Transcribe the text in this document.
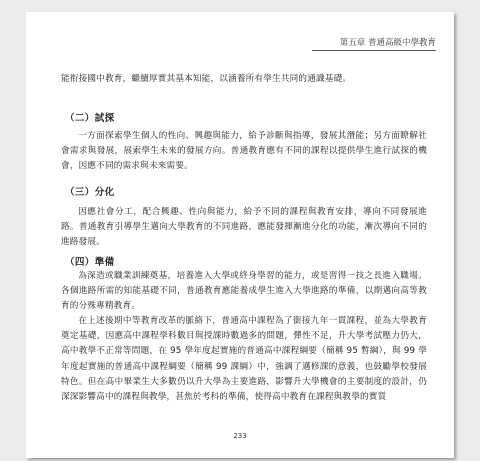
第五章 普通高級中學教育
能衔接國中教育，繼續厚實其基本知能，以涵養所有學生共同的通識基礎。
（二）試探
一方面探索學生個人的性向、興趣與能力，給予診斷與指導，發展其潛能；另方面瞭解社會需求與發展，展索學生未來的發展方向。普通教育應有不同的課程以提供學生進行試探的機會，因應不同的需求與未來需要。
（三）分化
因應社會分工，配合興趣、性向與能力，給予不同的課程與教育安排，導向不同發展進路。普通教育引導學生邁向大學教育的不同進路，應能發揮漸進分化的功能，漸次導向不同的進路發展。
（四）準備
為深造或職業訓練奠基，培養進入大學或終身學習的能力，或是習得一技之長進入職場。各個進路所需的知能基礎不同，普通教育應能養成學生進入大學進路的準備，以期邁向高等教育的分殊專精教育。
在上述後期中等教育改革的脈絡下，普通高中課程為了銜接九年一貫課程，並為大學教育奠定基礎，因應高中課程學科數目與授課時數過多的問題，彈性不足，升大學考試壓力仍大，高中教學不正常等問題，在 95 學年度起實施的普通高中課程綱要（簡稱 95 暫綱），與 99 學年度起實施的普通高中課程綱要（簡稱 99 課綱）中，強調了邁修課的意義，也鼓勵學校發展特色。但在高中畢業生大多數仍以升大學為主要進路，影響升大學機會的主要制度的設計，仍深深影響高中的課程與教學，甚焦於考科的準備，使得高中教育在課程與教學的實質
233
